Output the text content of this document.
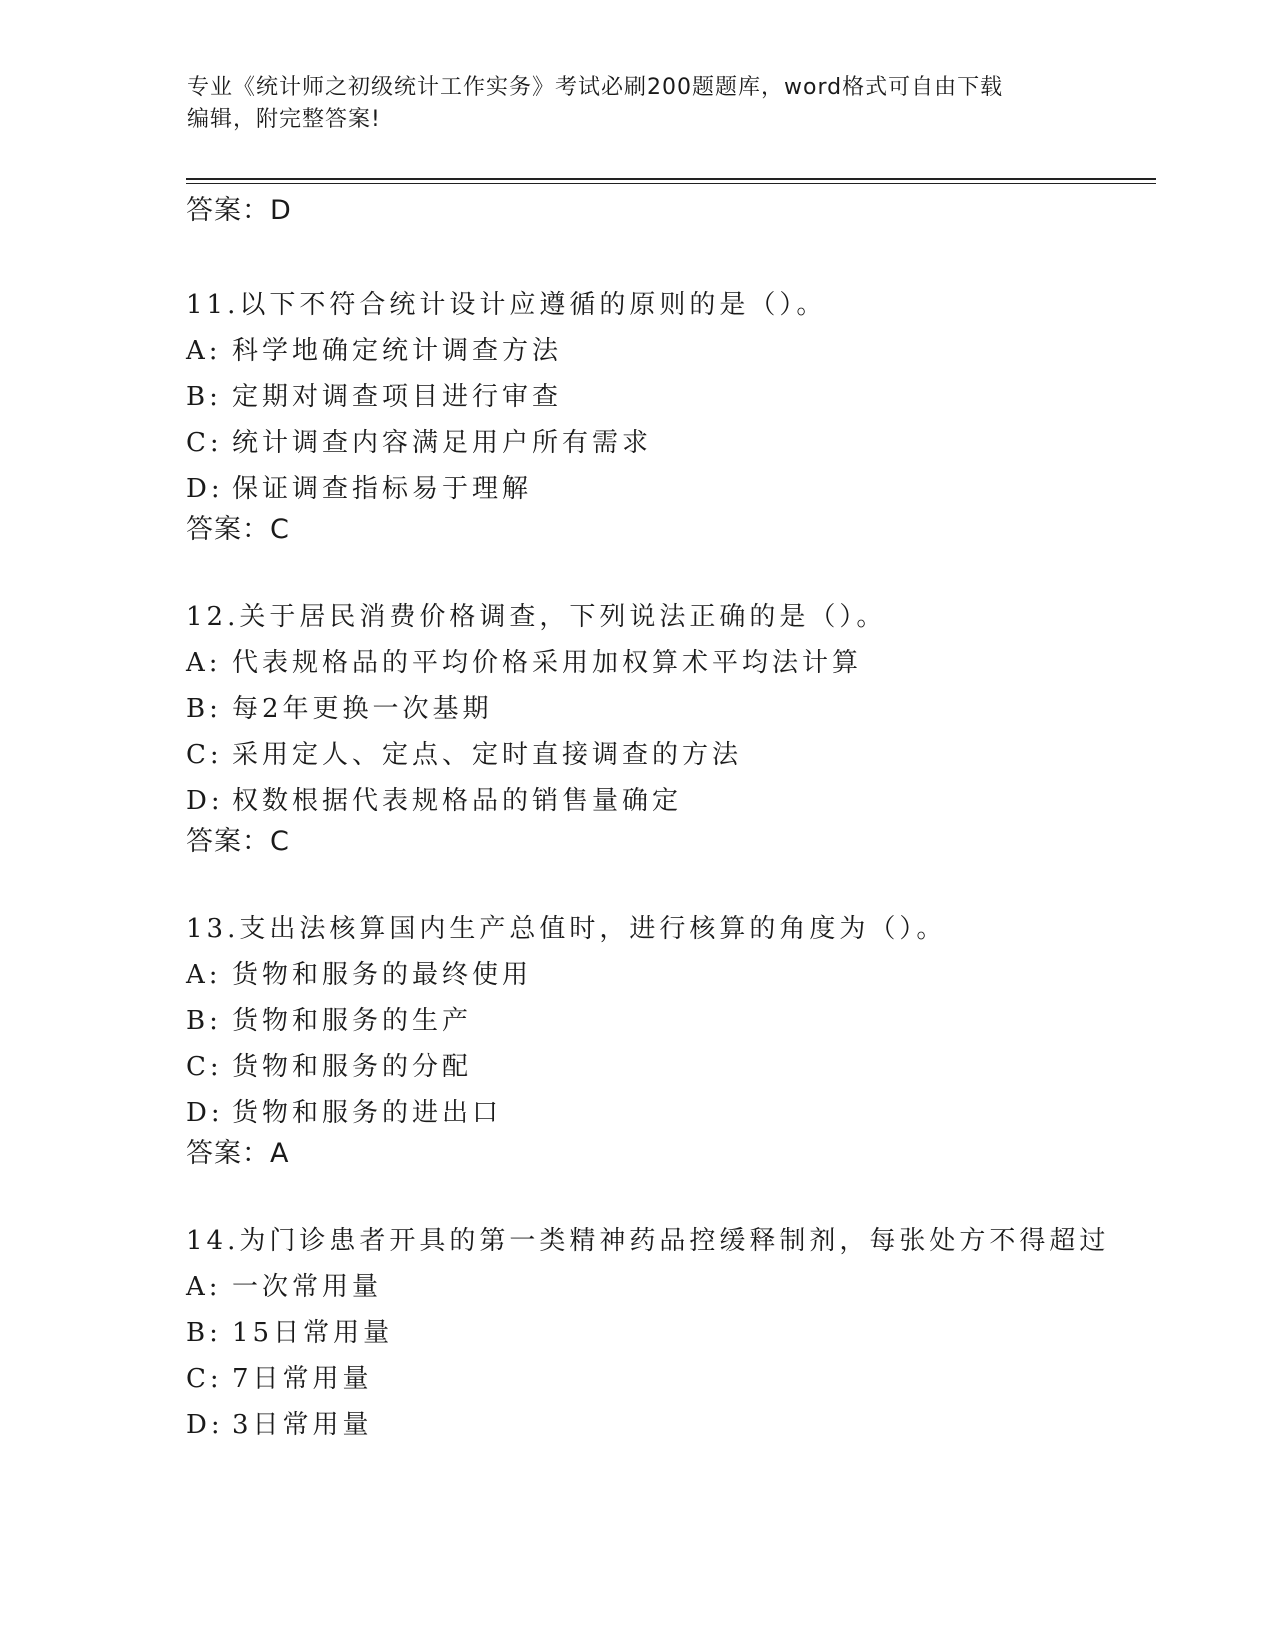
专业《统计师之初级统计工作实务》考试必刷200题题库，word格式可自由下载
编辑，附完整答案!
答案：D
11.以下不符合统计设计应遵循的原则的是（）。
A: 科学地确定统计调查方法
B: 定期对调查项目进行审查
C: 统计调查内容满足用户所有需求
D: 保证调查指标易于理解
答案：C
12.关于居民消费价格调查，下列说法正确的是（）。
A: 代表规格品的平均价格采用加权算术平均法计算
B: 每2年更换一次基期
C: 采用定人、定点、定时直接调查的方法
D: 权数根据代表规格品的销售量确定
答案：C
13.支出法核算国内生产总值时，进行核算的角度为（）。
A: 货物和服务的最终使用
B: 货物和服务的生产
C: 货物和服务的分配
D: 货物和服务的进出口
答案：A
14.为门诊患者开具的第一类精神药品控缓释制剂，每张处方不得超过
A: 一次常用量
B: 15日常用量
C: 7日常用量
D: 3日常用量
